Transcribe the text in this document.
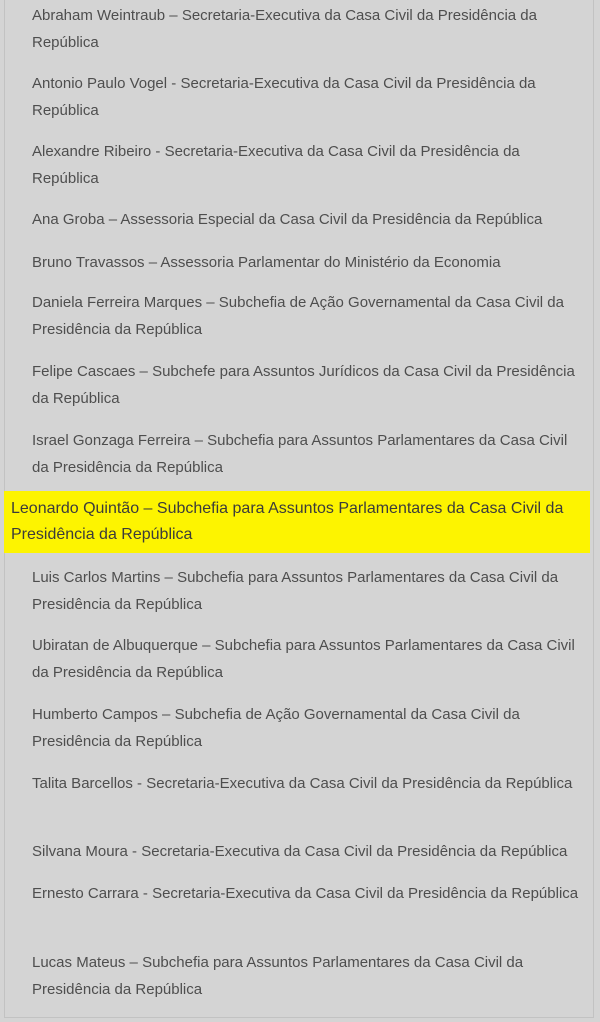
Abraham Weintraub – Secretaria-Executiva da Casa Civil da Presidência da República
Antonio Paulo Vogel - Secretaria-Executiva da Casa Civil da Presidência da República
Alexandre Ribeiro - Secretaria-Executiva da Casa Civil da Presidência da República
Ana Groba – Assessoria Especial da Casa Civil da Presidência da República
Bruno Travassos – Assessoria Parlamentar do Ministério da Economia
Daniela Ferreira Marques – Subchefia de Ação Governamental da Casa Civil da Presidência da República
Felipe Cascaes – Subchefe para Assuntos Jurídicos da Casa Civil da Presidência da República
Israel Gonzaga Ferreira – Subchefia para Assuntos Parlamentares da Casa Civil da Presidência da República
Leonardo Quintão – Subchefia para Assuntos Parlamentares da Casa Civil da Presidência da República
Luis Carlos Martins – Subchefia para Assuntos Parlamentares da Casa Civil da Presidência da República
Ubiratan de Albuquerque – Subchefia para Assuntos Parlamentares da Casa Civil da Presidência da República
Humberto Campos – Subchefia de Ação Governamental da Casa Civil da Presidência da República
Talita Barcellos - Secretaria-Executiva da Casa Civil da Presidência da República
Silvana Moura - Secretaria-Executiva da Casa Civil da Presidência da República
Ernesto Carrara - Secretaria-Executiva da Casa Civil da Presidência da República
Lucas Mateus – Subchefia para Assuntos Parlamentares da Casa Civil da Presidência da República
